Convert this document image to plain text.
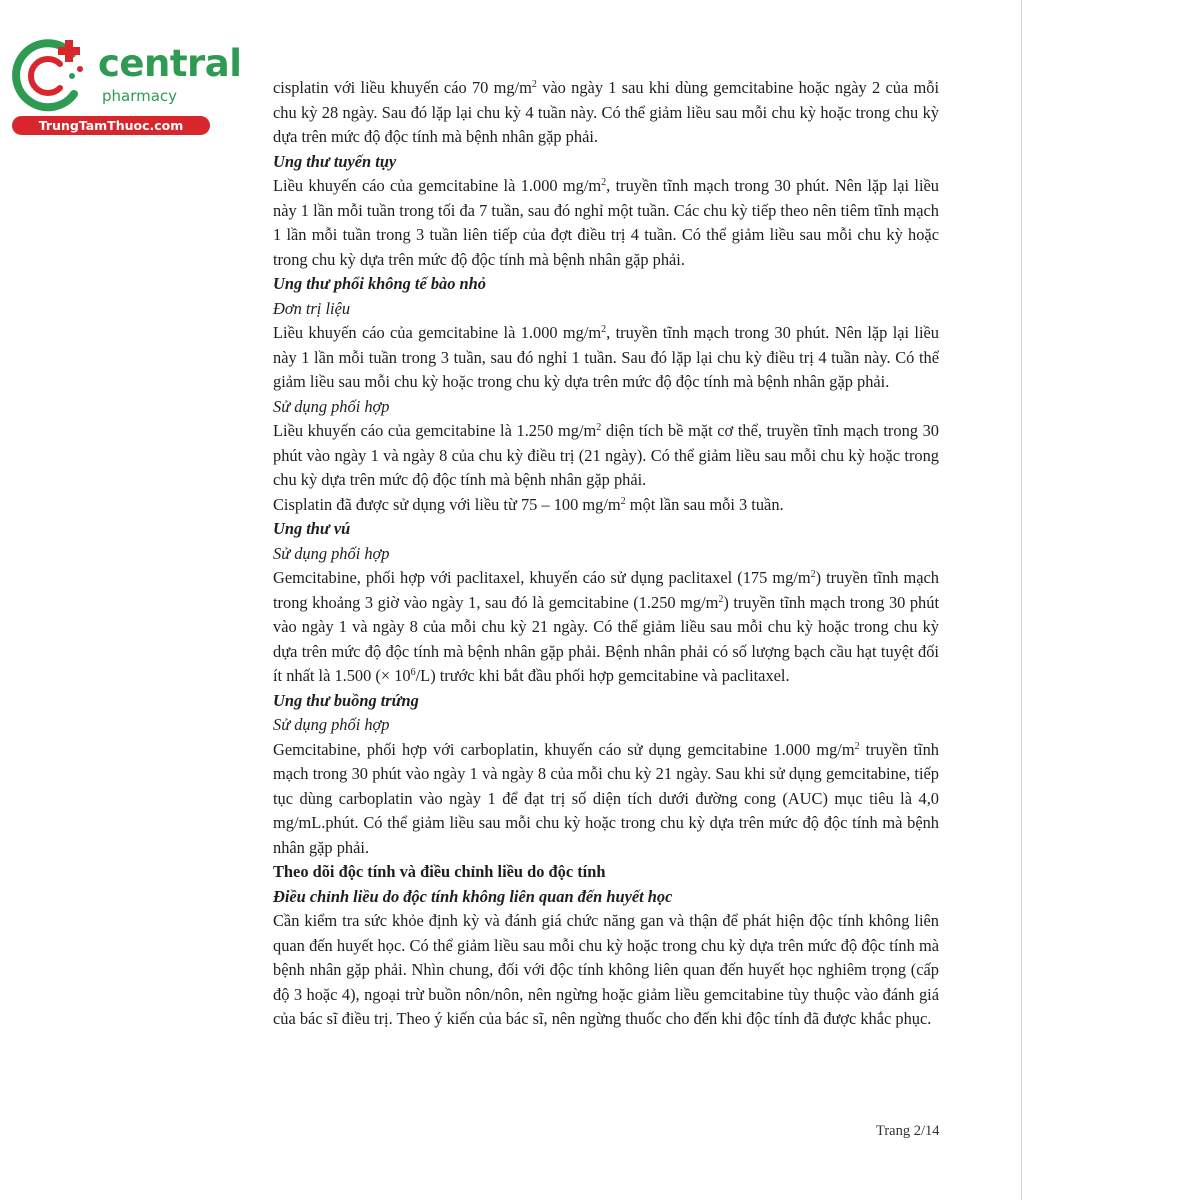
central
pharmacy
TrungTamThuoc.com

cisplatin với liều khuyến cáo 70 $mg/m^2$ vào ngày 1 sau khi dùng gemcitabine hoặc ngày 2 của mỗi chu kỳ 28 ngày. Sau đó lặp lại chu kỳ 4 tuần này. Có thể giảm liều sau mỗi chu kỳ hoặc trong chu kỳ dựa trên mức độ độc tính mà bệnh nhân gặp phải.

Ung thư tuyến tụy

Liều khuyến cáo của gemcitabine là 1.000 $mg/m^2$, truyền tĩnh mạch trong 30 phút. Nên lặp lại liều này 1 lần mỗi tuần trong tối đa 7 tuần, sau đó nghỉ một tuần. Các chu kỳ tiếp theo nên tiêm tĩnh mạch 1 lần mỗi tuần trong 3 tuần liên tiếp của đợt điều trị 4 tuần. Có thể giảm liều sau mỗi chu kỳ hoặc trong chu kỳ dựa trên mức độ độc tính mà bệnh nhân gặp phải.

Ung thư phổi không tế bào nhỏ

Đơn trị liệu

Liều khuyến cáo của gemcitabine là 1.000 $mg/m^2$, truyền tĩnh mạch trong 30 phút. Nên lặp lại liều này 1 lần mỗi tuần trong 3 tuần, sau đó nghỉ 1 tuần. Sau đó lặp lại chu kỳ điều trị 4 tuần này. Có thể giảm liều sau mỗi chu kỳ hoặc trong chu kỳ dựa trên mức độ độc tính mà bệnh nhân gặp phải.

Sử dụng phối hợp

Liều khuyến cáo của gemcitabine là 1.250 $mg/m^2$ diện tích bề mặt cơ thể, truyền tĩnh mạch trong 30 phút vào ngày 1 và ngày 8 của chu kỳ điều trị (21 ngày). Có thể giảm liều sau mỗi chu kỳ hoặc trong chu kỳ dựa trên mức độ độc tính mà bệnh nhân gặp phải.

Cisplatin đã được sử dụng với liều từ 75 – 100 $mg/m^2$ một lần sau mỗi 3 tuần.

Ung thư vú

Sử dụng phối hợp

Gemcitabine, phối hợp với paclitaxel, khuyến cáo sử dụng paclitaxel (175 $mg/m^2$) truyền tĩnh mạch trong khoảng 3 giờ vào ngày 1, sau đó là gemcitabine (1.250 $mg/m^2$) truyền tĩnh mạch trong 30 phút vào ngày 1 và ngày 8 của mỗi chu kỳ 21 ngày. Có thể giảm liều sau mỗi chu kỳ hoặc trong chu kỳ dựa trên mức độ độc tính mà bệnh nhân gặp phải. Bệnh nhân phải có số lượng bạch cầu hạt tuyệt đối ít nhất là 1.500 (× $10^6/L$) trước khi bắt đầu phối hợp gemcitabine và paclitaxel.

Ung thư buồng trứng

Sử dụng phối hợp

Gemcitabine, phối hợp với carboplatin, khuyến cáo sử dụng gemcitabine 1.000 $mg/m^2$ truyền tĩnh mạch trong 30 phút vào ngày 1 và ngày 8 của mỗi chu kỳ 21 ngày. Sau khi sử dụng gemcitabine, tiếp tục dùng carboplatin vào ngày 1 để đạt trị số diện tích dưới đường cong (AUC) mục tiêu là 4,0 mg/mL.phút. Có thể giảm liều sau mỗi chu kỳ hoặc trong chu kỳ dựa trên mức độ độc tính mà bệnh nhân gặp phải.

Theo dõi độc tính và điều chỉnh liều do độc tính

Điều chỉnh liều do độc tính không liên quan đến huyết học

Cần kiểm tra sức khỏe định kỳ và đánh giá chức năng gan và thận để phát hiện độc tính không liên quan đến huyết học. Có thể giảm liều sau mỗi chu kỳ hoặc trong chu kỳ dựa trên mức độ độc tính mà bệnh nhân gặp phải. Nhìn chung, đối với độc tính không liên quan đến huyết học nghiêm trọng (cấp độ 3 hoặc 4), ngoại trừ buồn nôn/nôn, nên ngừng hoặc giảm liều gemcitabine tùy thuộc vào đánh giá của bác sĩ điều trị. Theo ý kiến của bác sĩ, nên ngừng thuốc cho đến khi độc tính đã được khắc phục.

Trang 2/14
